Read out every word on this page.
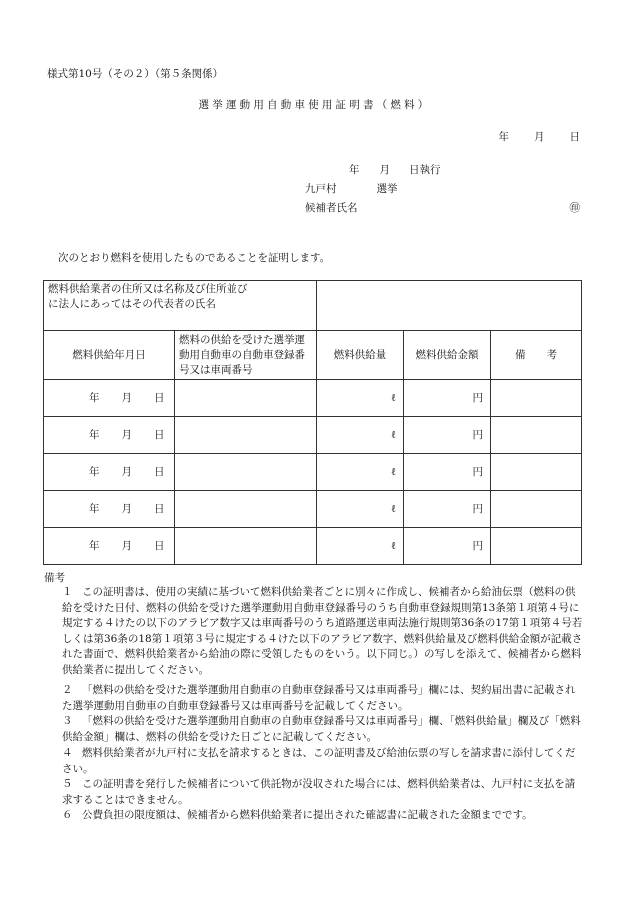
様式第10号（その２）（第５条関係）
選挙運動用自動車使用証明書（燃料）
年 月 日
年 月 日執行
九戸村	選挙
候補者氏名	㊞
次のとおり燃料を使用したものであることを証明します。
燃料供給業者の住所又は名称及び住所並びに法人にあってはその代表者の氏名				

燃料供給年月日	燃料の供給を受けた選挙運動用自動車の自動車登録番号又は車両番号	燃料供給量	燃料供給金額	備　　考
年 月 日		ℓ	円	
年 月 日		ℓ	円	
年 月 日		ℓ	円	
年 月 日		ℓ	円	
年 月 日		ℓ	円	
備考
１ この証明書は、使用の実績に基づいて燃料供給業者ごとに別々に作成し、候補者から給油伝票（燃料の供給を受けた日付、燃料の供給を受けた選挙運動用自動車登録番号のうち自動車登録規則第13条第１項第４号に規定する４けたの以下のアラビア数字又は車両番号のうち道路運送車両法施行規則第36条の17第１項第４号若しくは第36条の18第１項第３号に規定する４けた以下のアラビア数字、燃料供給量及び燃料供給金額が記載された書面で、燃料供給業者から給油の際に受領したものをいう。以下同じ。）の写しを添えて、候補者から燃料供給業者に提出してください。
２ 「燃料の供給を受けた選挙運動用自動車の自動車登録番号又は車両番号」欄には、契約届出書に記載された選挙運動用自動車の自動車登録番号又は車両番号を記載してください。
３ 「燃料の供給を受けた選挙運動用自動車の自動車登録番号又は車両番号」欄、「燃料供給量」欄及び「燃料供給金額」欄は、燃料の供給を受けた日ごとに記載してください。
４ 燃料供給業者が九戸村に支払を請求するときは、この証明書及び給油伝票の写しを請求書に添付してください。
５ この証明書を発行した候補者について供託物が没収された場合には、燃料供給業者は、九戸村に支払を請求することはできません。
６ 公費負担の限度額は、候補者から燃料供給業者に提出された確認書に記載された金額までです。
